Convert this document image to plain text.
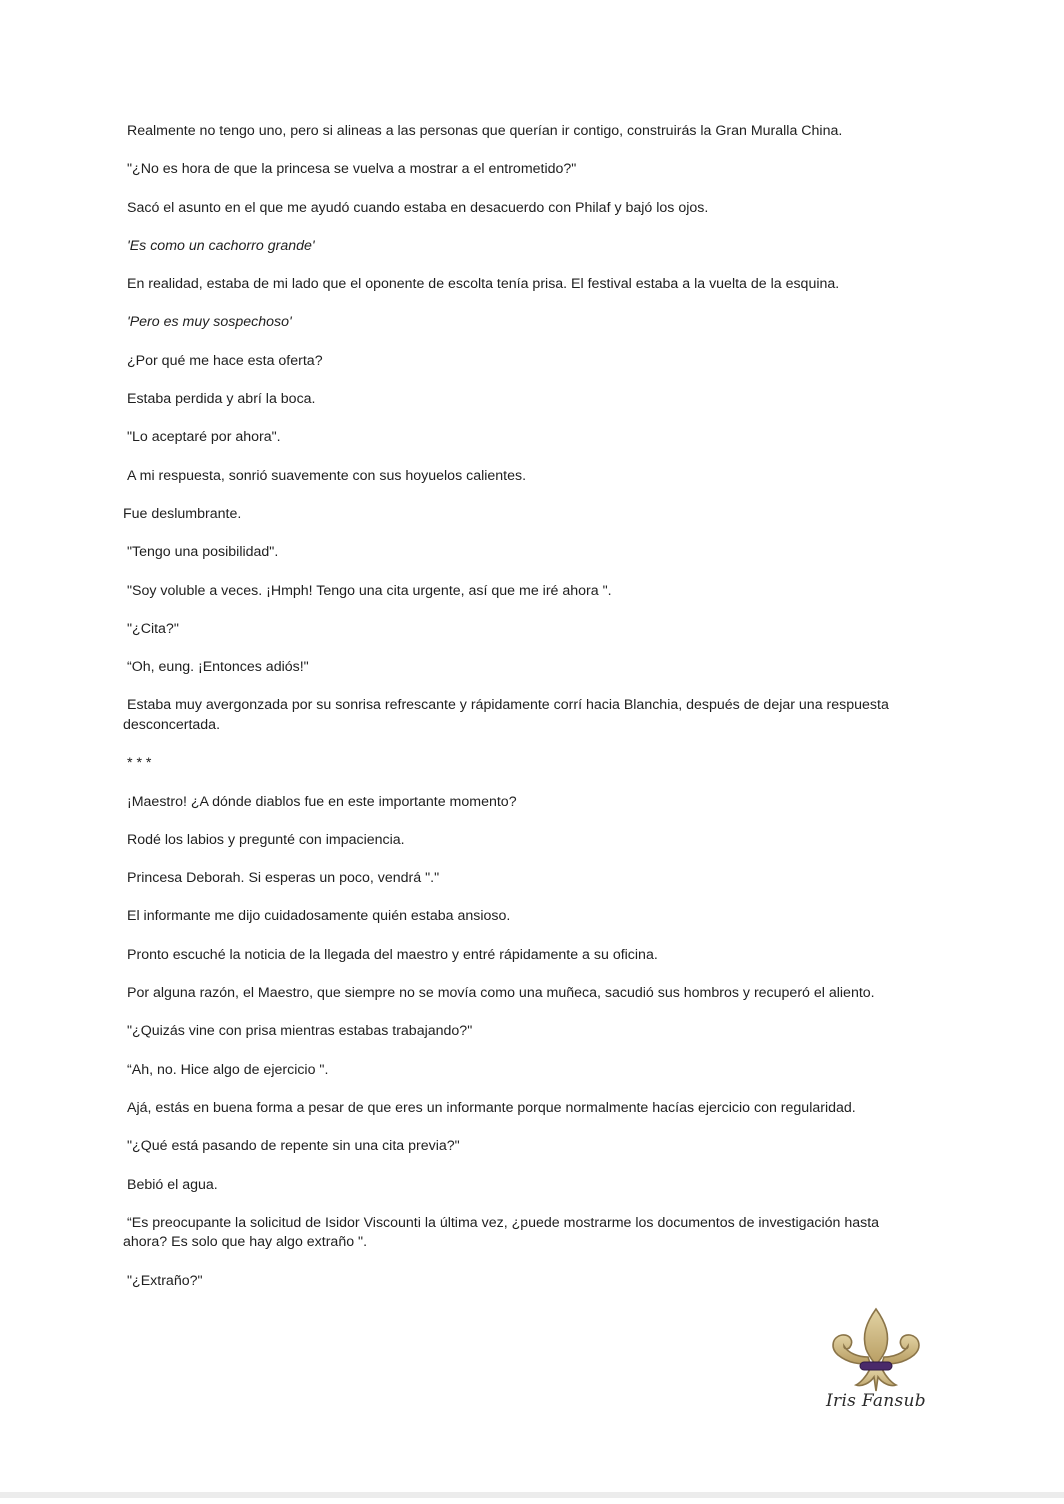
Realmente no tengo uno, pero si alineas a las personas que querían ir contigo, construirás la Gran Muralla China.

"¿No es hora de que la princesa se vuelva a mostrar a el entrometido?"

Sacó el asunto en el que me ayudó cuando estaba en desacuerdo con Philaf y bajó los ojos.

'Es como un cachorro grande'

En realidad, estaba de mi lado que el oponente de escolta tenía prisa. El festival estaba a la vuelta de la esquina.

'Pero es muy sospechoso'

¿Por qué me hace esta oferta?

Estaba perdida y abrí la boca.

"Lo aceptaré por ahora".

A mi respuesta, sonrió suavemente con sus hoyuelos calientes.

Fue deslumbrante.

"Tengo una posibilidad".

"Soy voluble a veces. ¡Hmph! Tengo una cita urgente, así que me iré ahora ".

"¿Cita?"

“Oh, eung. ¡Entonces adiós!"

Estaba muy avergonzada por su sonrisa refrescante y rápidamente corrí hacia Blanchia, después de dejar una respuesta
desconcertada.

* * *

¡Maestro! ¿A dónde diablos fue en este importante momento?

Rodé los labios y pregunté con impaciencia.

Princesa Deborah. Si esperas un poco, vendrá "."

El informante me dijo cuidadosamente quién estaba ansioso.

Pronto escuché la noticia de la llegada del maestro y entré rápidamente a su oficina.

Por alguna razón, el Maestro, que siempre no se movía como una muñeca, sacudió sus hombros y recuperó el aliento.

"¿Quizás vine con prisa mientras estabas trabajando?"

“Ah, no. Hice algo de ejercicio ".

Ajá, estás en buena forma a pesar de que eres un informante porque normalmente hacías ejercicio con regularidad.

"¿Qué está pasando de repente sin una cita previa?"

Bebió el agua.

“Es preocupante la solicitud de Isidor Viscounti la última vez, ¿puede mostrarme los documentos de investigación hasta
ahora? Es solo que hay algo extraño ".

"¿Extraño?"

Iris Fansub
